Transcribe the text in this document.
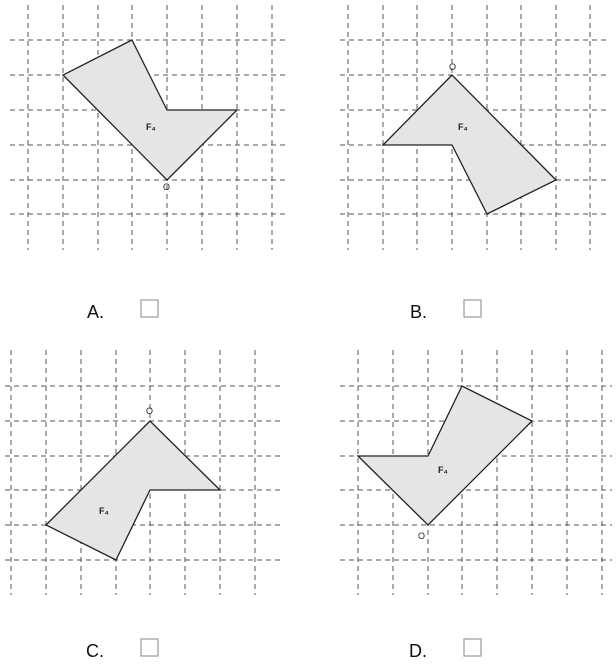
F₄
O
A.
F₄
O
B.
F₄
O
C.
F₄
O
D.
